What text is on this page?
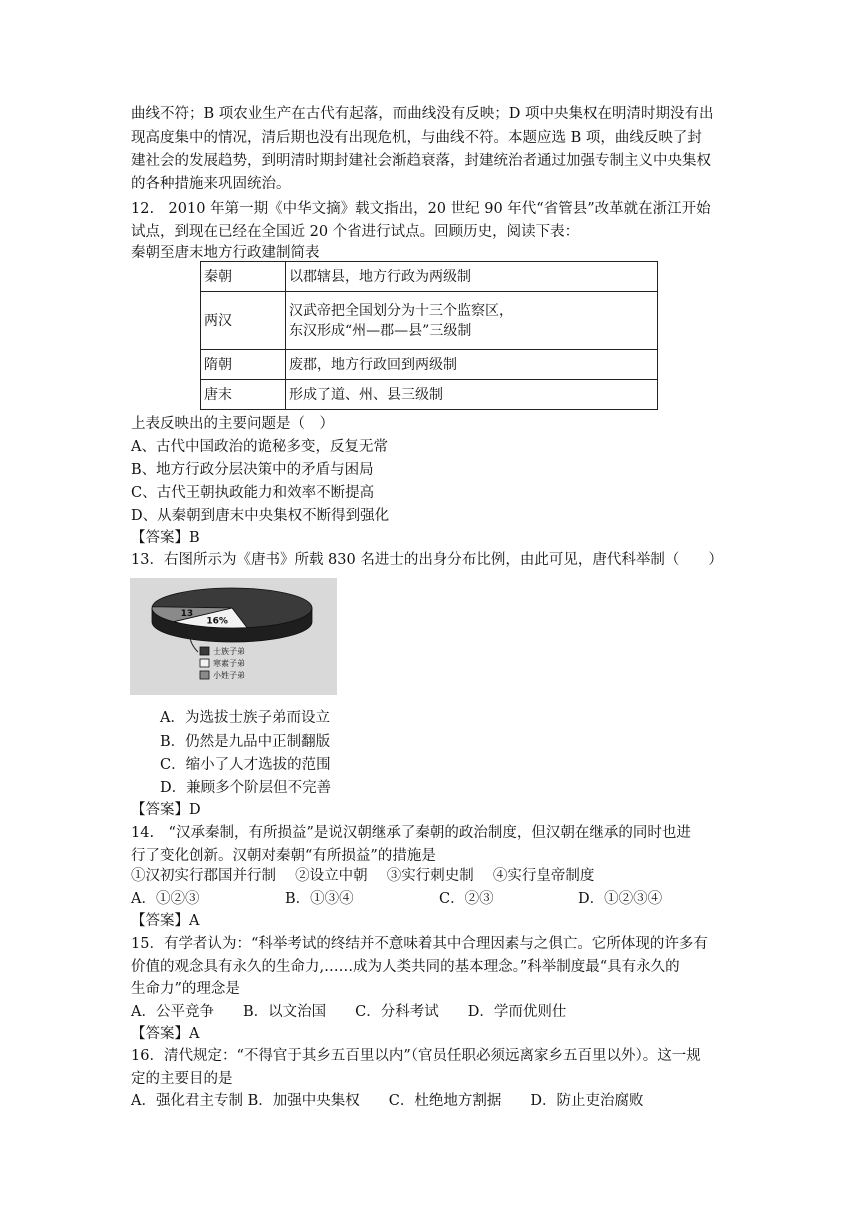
曲线不符；B 项农业生产在古代有起落，而曲线没有反映；D 项中央集权在明清时期没有出
现高度集中的情况，清后期也没有出现危机，与曲线不符。本题应选 B 项，曲线反映了封
建社会的发展趋势，到明清时期封建社会渐趋衰落，封建统治者通过加强专制主义中央集权
的各种措施来巩固统治。
12.　2010 年第一期《中华文摘》载文指出，20 世纪 90 年代“省管县”改革就在浙江开始
试点，到现在已经在全国近 20 个省进行试点。回顾历史，阅读下表：
秦朝至唐末地方行政建制简表
秦朝	以郡辖县，地方行政为两级制
两汉	汉武帝把全国划分为十三个监察区，
东汉形成“州—郡—县”三级制

隋朝	废郡，地方行政回到两级制
唐末	形成了道、州、县三级制
上表反映出的主要问题是（　）
A、古代中国政治的诡秘多变，反复无常
B、地方行政分层决策中的矛盾与困局
C、古代王朝执政能力和效率不断提高
D、从秦朝到唐末中央集权不断得到强化
【答案】B
13．右图所示为《唐书》所载 830 名进士的出身分布比例，由此可见，唐代科举制（　　）
16%
13
士族子弟
寒素子弟
小姓子弟
A．为选拔士族子弟而设立
B．仍然是九品中正制翻版
C．缩小了人才选拔的范围
D．兼顾多个阶层但不完善
【答案】D
14.　“汉承秦制，有所损益”是说汉朝继承了秦朝的政治制度，但汉朝在继承的同时也进
行了变化创新。汉朝对秦朝“有所损益”的措施是
①汉初实行郡国并行制　 ②设立中朝　 ③实行刺史制　 ④实行皇帝制度
A．①②③	B．①③④	C．②③	D．①②③④
【答案】A
15．有学者认为：“科举考试的终结并不意味着其中合理因素与之俱亡。它所体现的许多有
价值的观念具有永久的生命力,……成为人类共同的基本理念。”科举制度最“具有永久的
生命力”的理念是
A．公平竞争　　B．以文治国　　C．分科考试　　D．学而优则仕
【答案】A
16．清代规定：“不得官于其乡五百里以内”（官员任职必须远离家乡五百里以外）。这一规
定的主要目的是
A．强化君主专制 B．加强中央集权　　C．杜绝地方割据　　D．防止吏治腐败
